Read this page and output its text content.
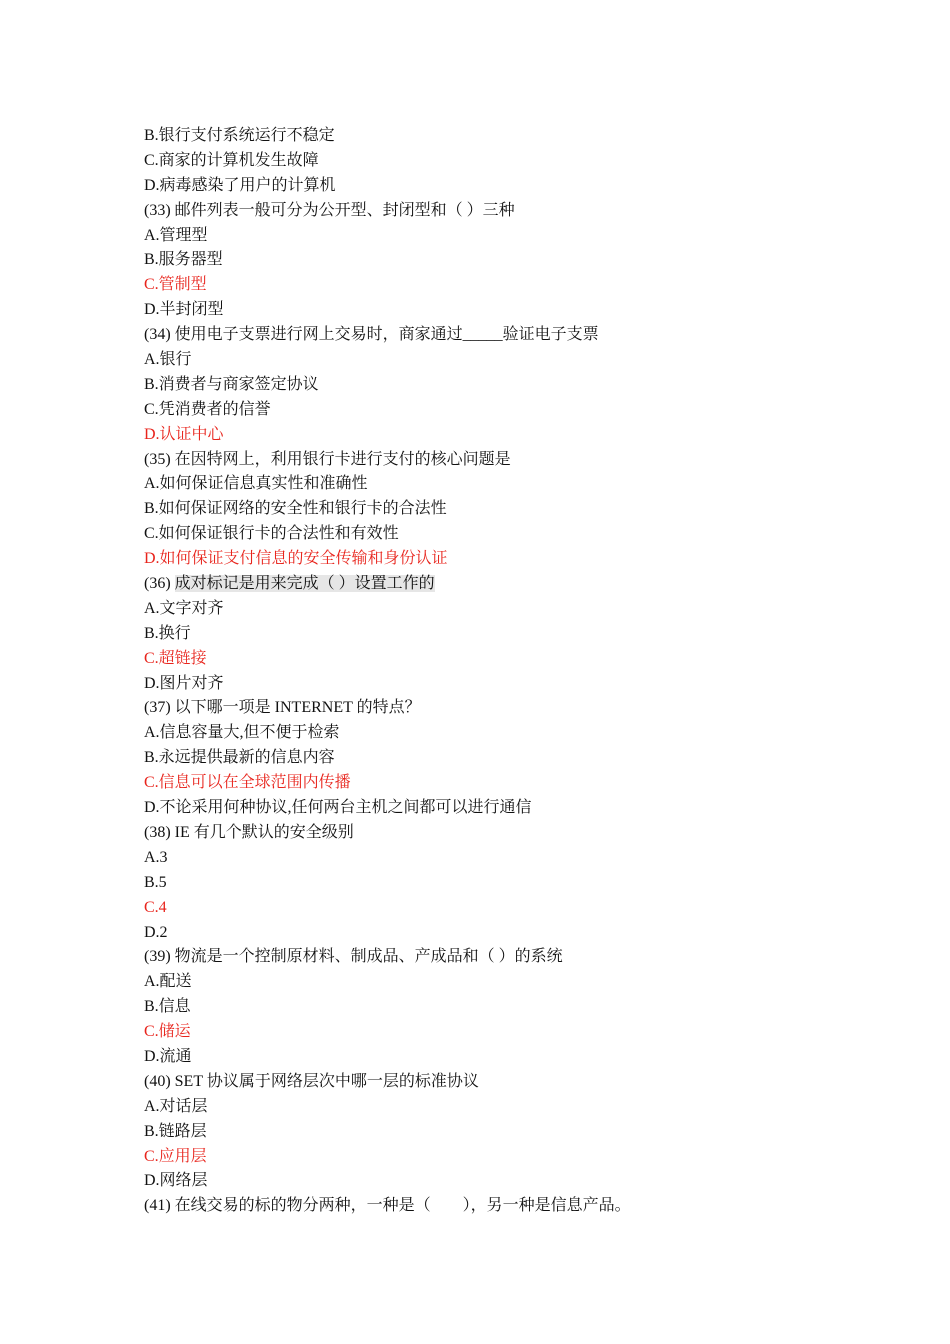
B.银行支付系统运行不稳定
C.商家的计算机发生故障
D.病毒感染了用户的计算机
(33) 邮件列表一般可分为公开型、封闭型和（ ）三种
A.管理型
B.服务器型
C.管制型
D.半封闭型
(34) 使用电子支票进行网上交易时，商家通过_____验证电子支票
A.银行
B.消费者与商家签定协议
C.凭消费者的信誉
D.认证中心
(35) 在因特网上，利用银行卡进行支付的核心问题是
A.如何保证信息真实性和准确性
B.如何保证网络的安全性和银行卡的合法性
C.如何保证银行卡的合法性和有效性
D.如何保证支付信息的安全传输和身份认证
(36) 成对标记是用来完成（ ）设置工作的
A.文字对齐
B.换行
C.超链接
D.图片对齐
(37) 以下哪一项是 INTERNET 的特点？
A.信息容量大,但不便于检索
B.永远提供最新的信息内容
C.信息可以在全球范围内传播
D.不论采用何种协议,任何两台主机之间都可以进行通信
(38) IE 有几个默认的安全级别
A.3
B.5
C.4
D.2
(39) 物流是一个控制原材料、制成品、产成品和（ ）的系统
A.配送
B.信息
C.储运
D.流通
(40) SET 协议属于网络层次中哪一层的标准协议
A.对话层
B.链路层
C.应用层
D.网络层
(41) 在线交易的标的物分两种，一种是（　　），另一种是信息产品。
